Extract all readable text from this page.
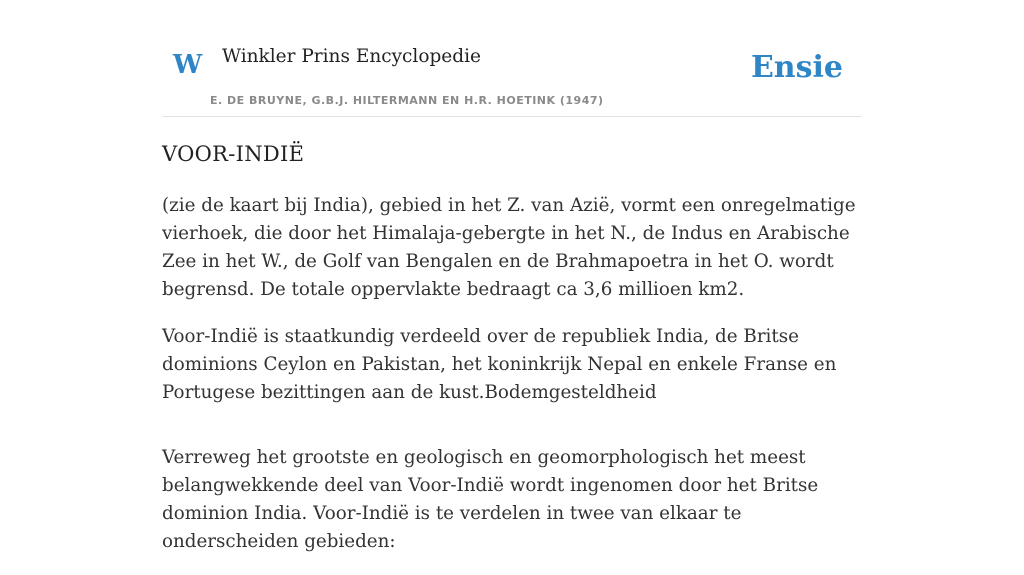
W Winkler Prins Encyclopedie
E. DE BRUYNE, G.B.J. HILTERMANN EN H.R. HOETINK (1947)
Ensie
VOOR-INDIË

(zie de kaart bij India), gebied in het Z. van Azië, vormt een onregelmatige vierhoek, die door het Himalaja-gebergte in het N., de Indus en Arabische Zee in het W., de Golf van Bengalen en de Brahmapoetra in het O. wordt begrensd. De totale oppervlakte bedraagt ca 3,6 millioen km2.

Voor-Indië is staatkundig verdeeld over de republiek India, de Britse dominions Ceylon en Pakistan, het koninkrijk Nepal en enkele Franse en Portugese bezittingen aan de kust.Bodemgesteldheid

Verreweg het grootste en geologisch en geomorphologisch het meest belangwekkende deel van Voor-Indië wordt ingenomen door het Britse dominion India. Voor-Indië is te verdelen in twee van elkaar te onderscheiden gebieden:
